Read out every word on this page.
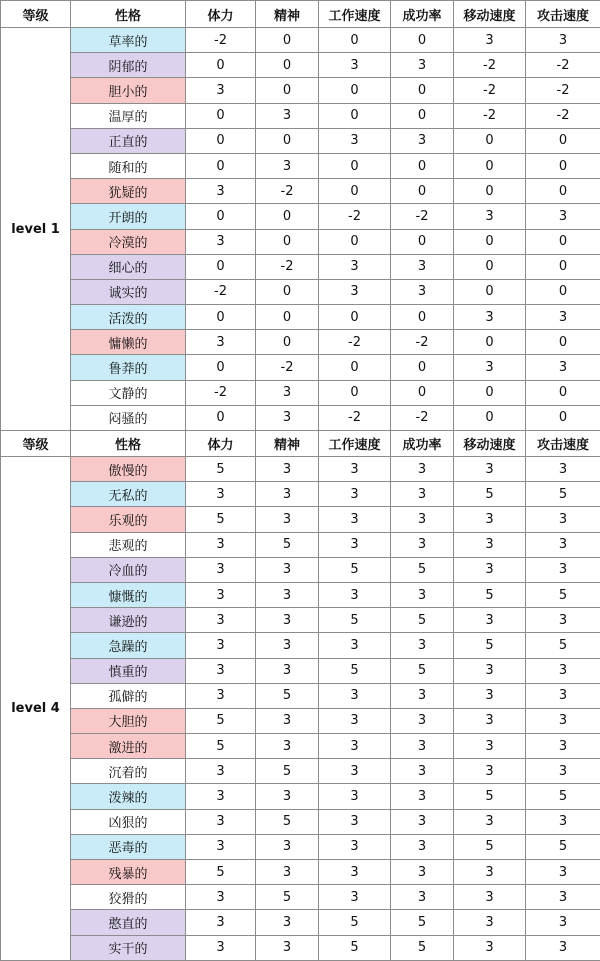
等级	性格	体力	精神	工作速度	成功率	移动速度	攻击速度
level 1	草率的	-2	0	0	0	3	3
	阴郁的	0	0	3	3	-2	-2
	胆小的	3	0	0	0	-2	-2
	温厚的	0	3	0	0	-2	-2
	正直的	0	0	3	3	0	0
	随和的	0	3	0	0	0	0
	犹疑的	3	-2	0	0	0	0
	开朗的	0	0	-2	-2	3	3
	冷漠的	3	0	0	0	0	0
	细心的	0	-2	3	3	0	0
	诚实的	-2	0	3	3	0	0
	活泼的	0	0	0	0	3	3
	慵懒的	3	0	-2	-2	0	0
	鲁莽的	0	-2	0	0	3	3
	文静的	-2	3	0	0	0	0
	闷骚的	0	3	-2	-2	0	0
等级	性格	体力	精神	工作速度	成功率	移动速度	攻击速度
level 4	傲慢的	5	3	3	3	3	3
	无私的	3	3	3	3	5	5
	乐观的	5	3	3	3	3	3
	悲观的	3	5	3	3	3	3
	冷血的	3	3	5	5	3	3
	慷慨的	3	3	3	3	5	5
	谦逊的	3	3	5	5	3	3
	急躁的	3	3	3	3	5	5
	慎重的	3	3	5	5	3	3
	孤僻的	3	5	3	3	3	3
	大胆的	5	3	3	3	3	3
	激进的	5	3	3	3	3	3
	沉着的	3	5	3	3	3	3
	泼辣的	3	3	3	3	5	5
	凶狠的	3	5	3	3	3	3
	恶毒的	3	3	3	3	5	5
	残暴的	5	3	3	3	3	3
	狡猾的	3	5	3	3	3	3
	憨直的	3	3	5	5	3	3
	实干的	3	3	5	5	3	3
